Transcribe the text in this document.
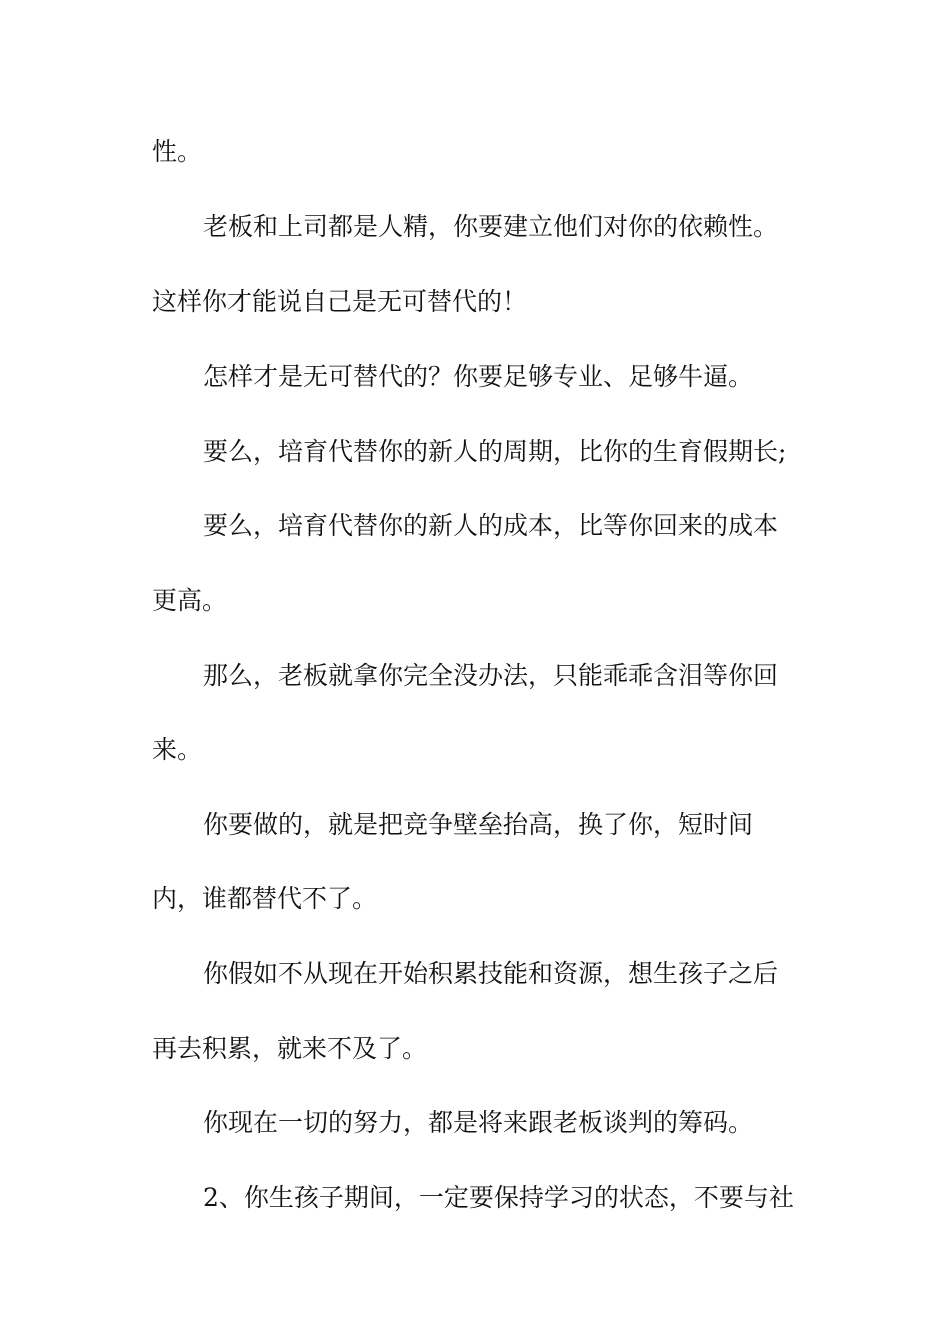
性。

老板和上司都是人精，你要建立他们对你的依赖性。

这样你才能说自己是无可替代的！

怎样才是无可替代的？你要足够专业、足够牛逼。

要么，培育代替你的新人的周期，比你的生育假期长;

要么，培育代替你的新人的成本，比等你回来的成本

更高。

那么，老板就拿你完全没办法，只能乖乖含泪等你回

来。

你要做的，就是把竞争壁垒抬高，换了你，短时间

内，谁都替代不了。

你假如不从现在开始积累技能和资源，想生孩子之后

再去积累，就来不及了。

你现在一切的努力，都是将来跟老板谈判的筹码。

2、你生孩子期间，一定要保持学习的状态，不要与社
